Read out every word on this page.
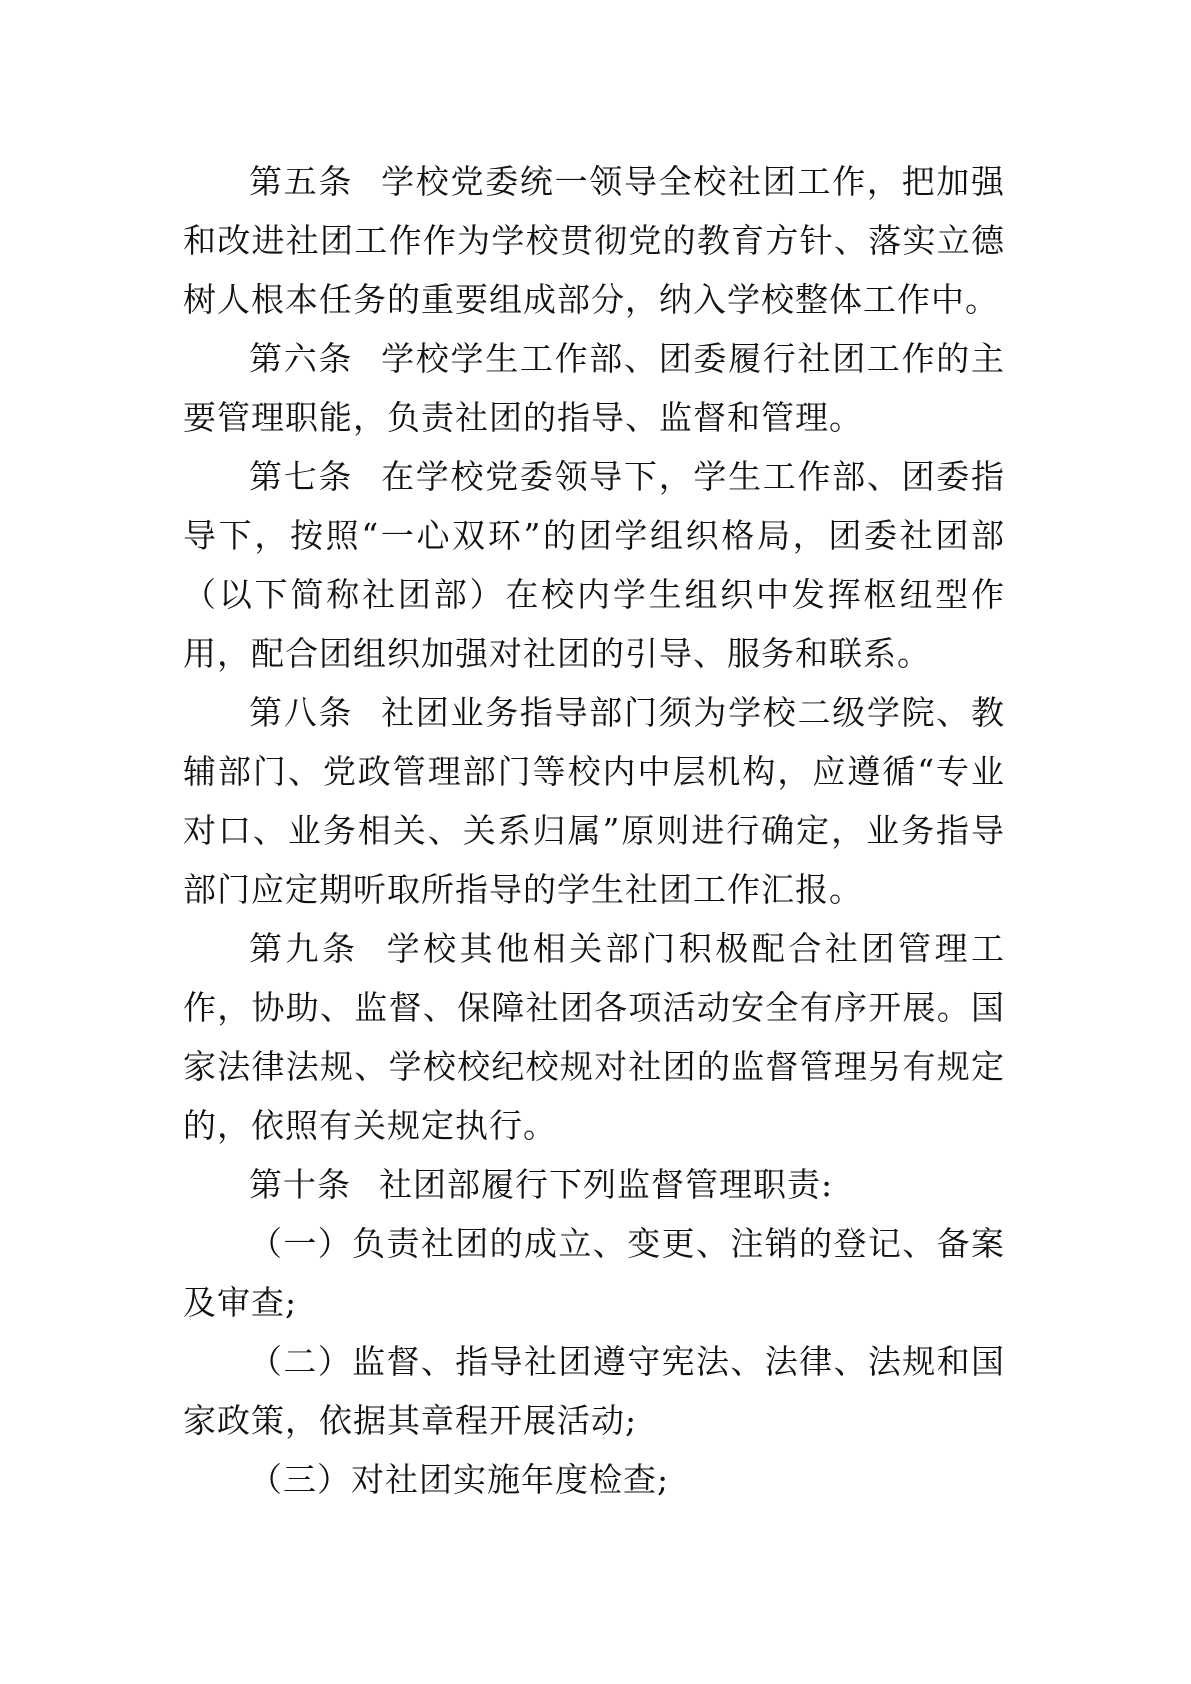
第五条 学校党委统一领导全校社团工作，把加强和改进社团工作作为学校贯彻党的教育方针、落实立德树人根本任务的重要组成部分，纳入学校整体工作中。

第六条 学校学生工作部、团委履行社团工作的主要管理职能，负责社团的指导、监督和管理。

第七条 在学校党委领导下，学生工作部、团委指导下，按照“一心双环”的团学组织格局，团委社团部（以下简称社团部）在校内学生组织中发挥枢纽型作用，配合团组织加强对社团的引导、服务和联系。

第八条 社团业务指导部门须为学校二级学院、教辅部门、党政管理部门等校内中层机构，应遵循“专业对口、业务相关、关系归属”原则进行确定，业务指导部门应定期听取所指导的学生社团工作汇报。

第九条 学校其他相关部门积极配合社团管理工作，协助、监督、保障社团各项活动安全有序开展。国家法律法规、学校校纪校规对社团的监督管理另有规定的，依照有关规定执行。

第十条 社团部履行下列监督管理职责:

（一）负责社团的成立、变更、注销的登记、备案及审查;

（二）监督、指导社团遵守宪法、法律、法规和国家政策，依据其章程开展活动;

（三）对社团实施年度检查;
